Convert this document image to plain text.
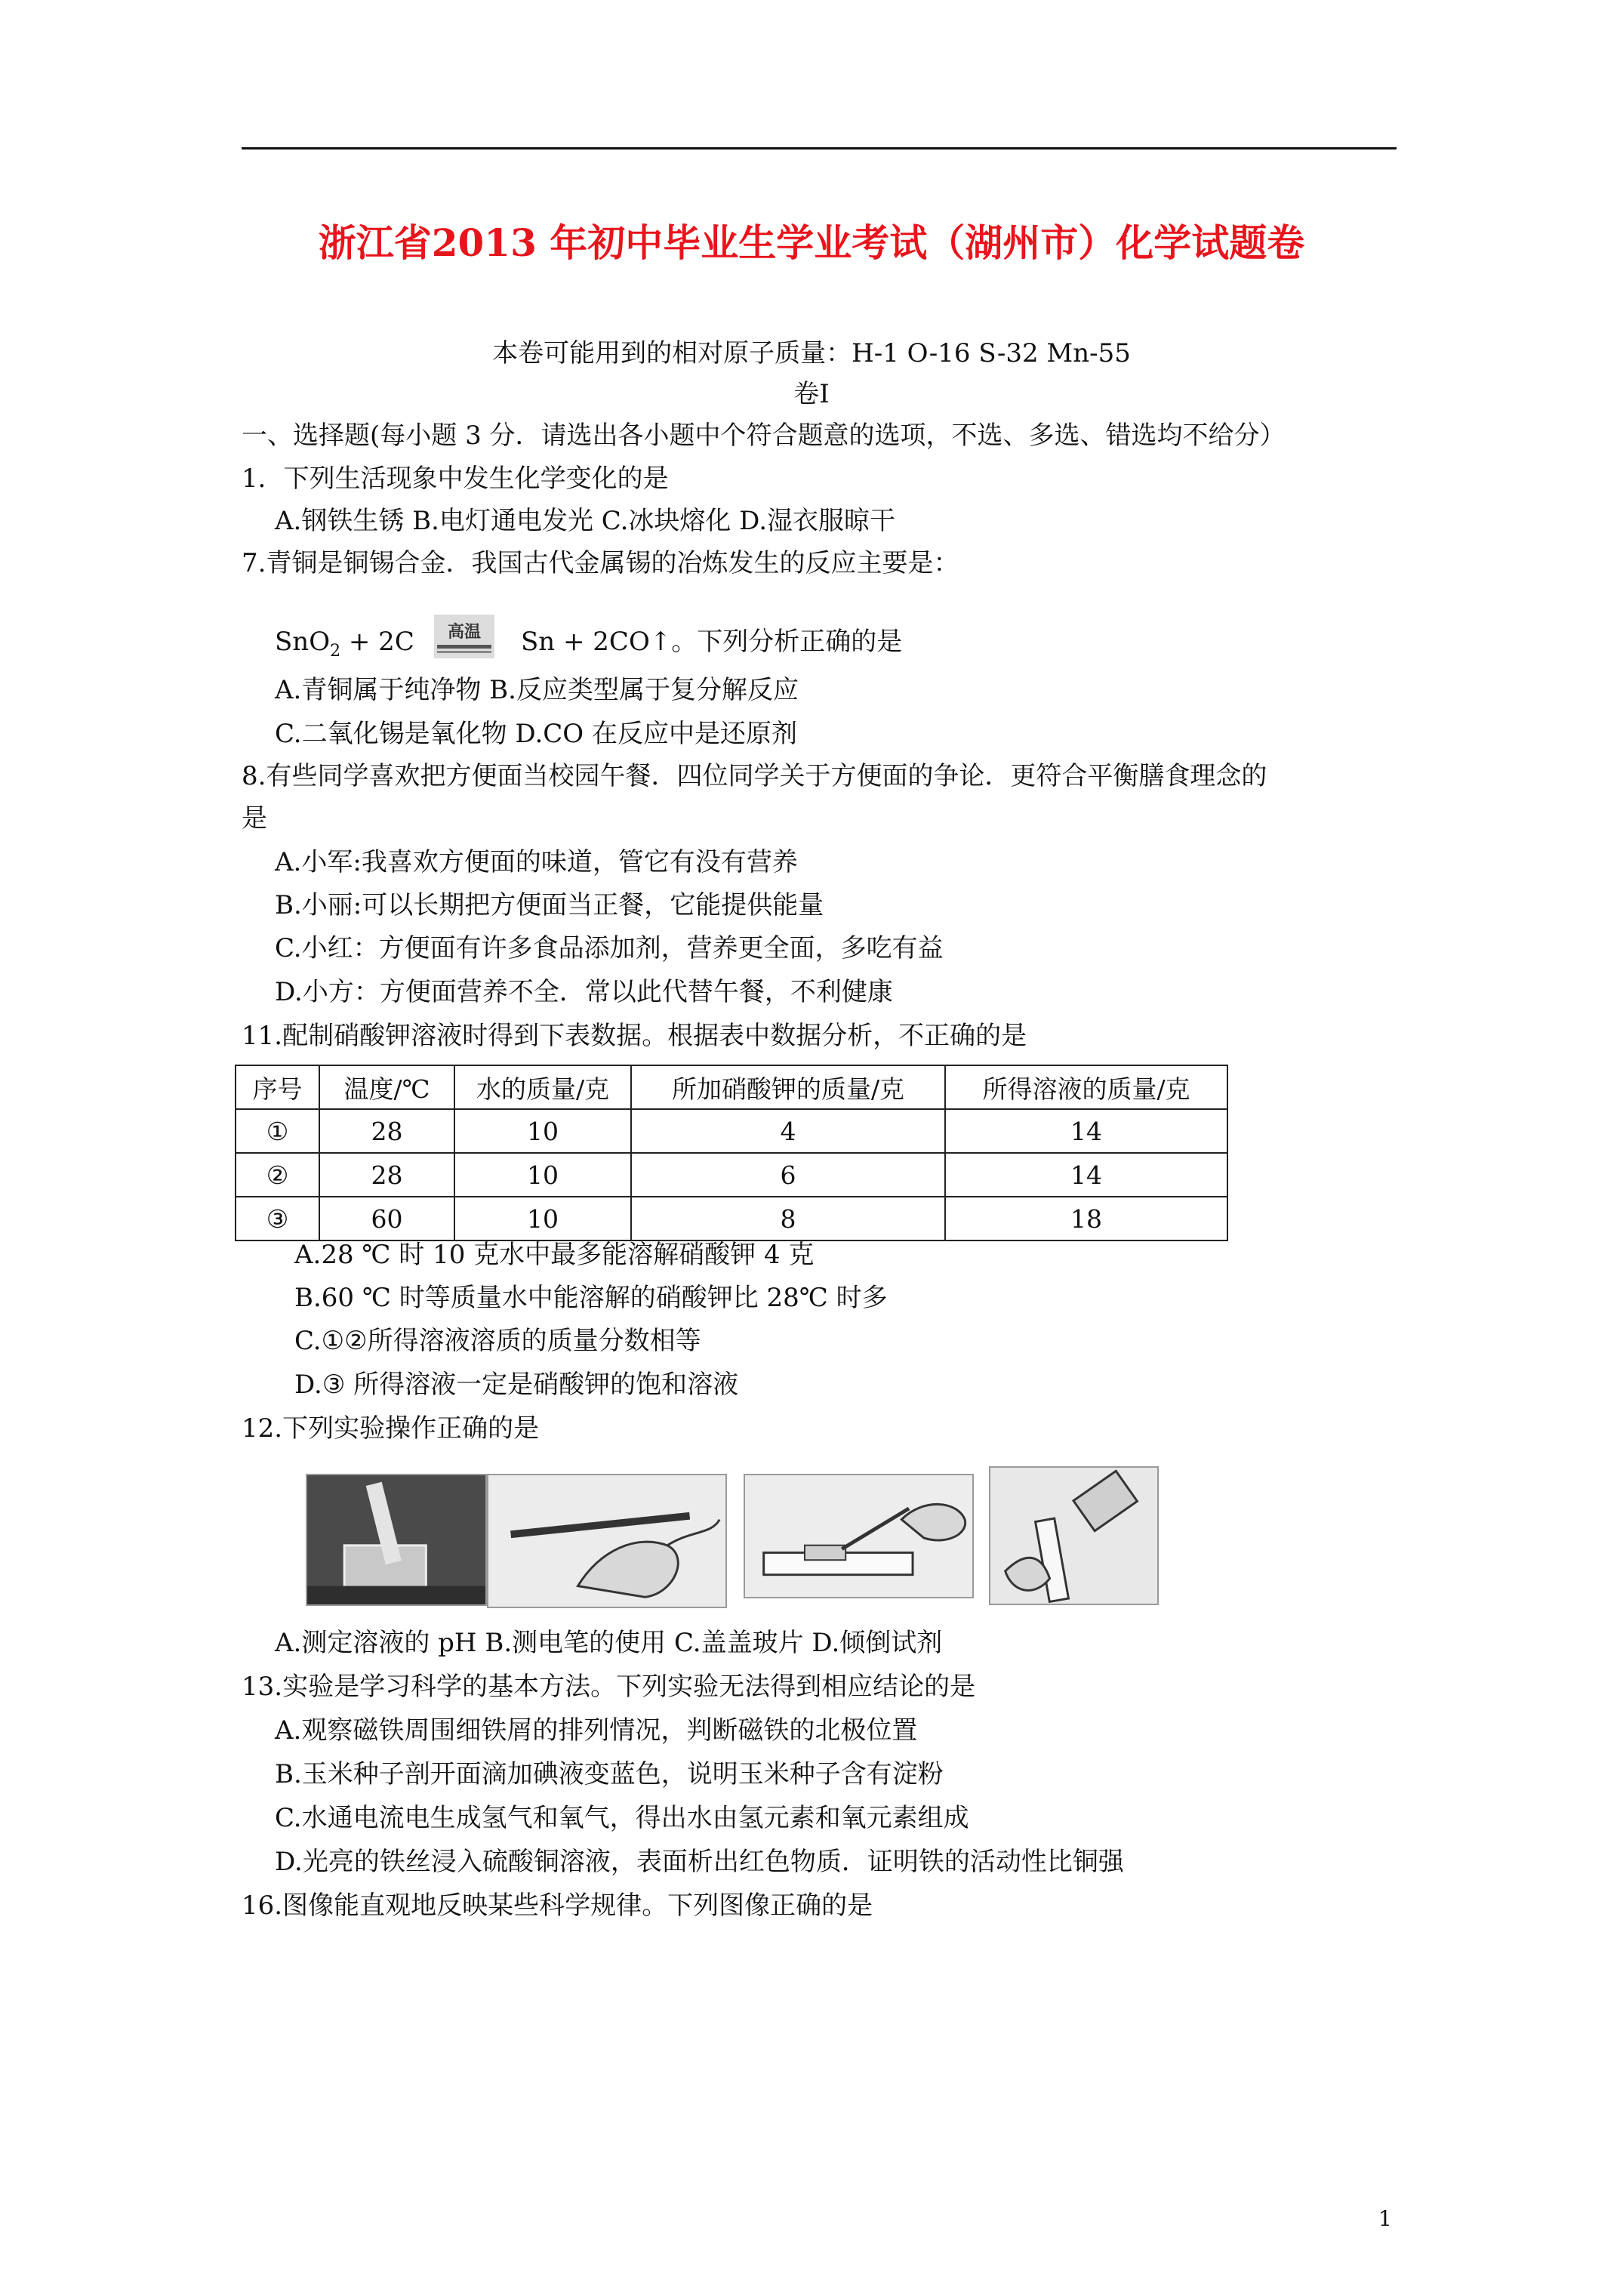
浙江省2013 年初中毕业生学业考试（湖州市）化学试题卷
本卷可能用到的相对原子质量：H-1 O-16 S-32 Mn-55
卷Ⅰ
一、选择题(每小题 3 分．请选出各小题中个符合题意的选项，不选、多选、错选均不给分）
1．下列生活现象中发生化学变化的是
A.钢铁生锈 B.电灯通电发光 C.冰块熔化 D.湿衣服晾干
7.青铜是铜锡合金．我国古代金属锡的冶炼发生的反应主要是：
SnO$_2$ + 2C 高温 Sn + 2CO↑。下列分析正确的是
A.青铜属于纯净物 B.反应类型属于复分解反应
C.二氧化锡是氧化物 D.CO 在反应中是还原剂
8.有些同学喜欢把方便面当校园午餐．四位同学关于方便面的争论．更符合平衡膳食理念的
是
A.小军:我喜欢方便面的味道，管它有没有营养
B.小丽:可以长期把方便面当正餐，它能提供能量
C.小红：方便面有许多食品添加剂，营养更全面，多吃有益
D.小方：方便面营养不全．常以此代替午餐，不利健康
11.配制硝酸钾溶液时得到下表数据。根据表中数据分析，不正确的是
序号	温度/℃	水的质量/克	所加硝酸钾的质量/克	所得溶液的质量/克
①	28	10	4	14
②	28	10	6	14
③	60	10	8	18
A.28 ℃ 时 10 克水中最多能溶解硝酸钾 4 克
B.60 ℃ 时等质量水中能溶解的硝酸钾比 28℃ 时多
C.①②所得溶液溶质的质量分数相等
D.③ 所得溶液一定是硝酸钾的饱和溶液
12.下列实验操作正确的是
A.测定溶液的 pH B.测电笔的使用 C.盖盖玻片 D.倾倒试剂
13.实验是学习科学的基本方法。下列实验无法得到相应结论的是
A.观察磁铁周围细铁屑的排列情况，判断磁铁的北极位置
B.玉米种子剖开面滴加碘液变蓝色，说明玉米种子含有淀粉
C.水通电流电生成氢气和氧气，得出水由氢元素和氧元素组成
D.光亮的铁丝浸入硫酸铜溶液，表面析出红色物质．证明铁的活动性比铜强
16.图像能直观地反映某些科学规律。下列图像正确的是
1
